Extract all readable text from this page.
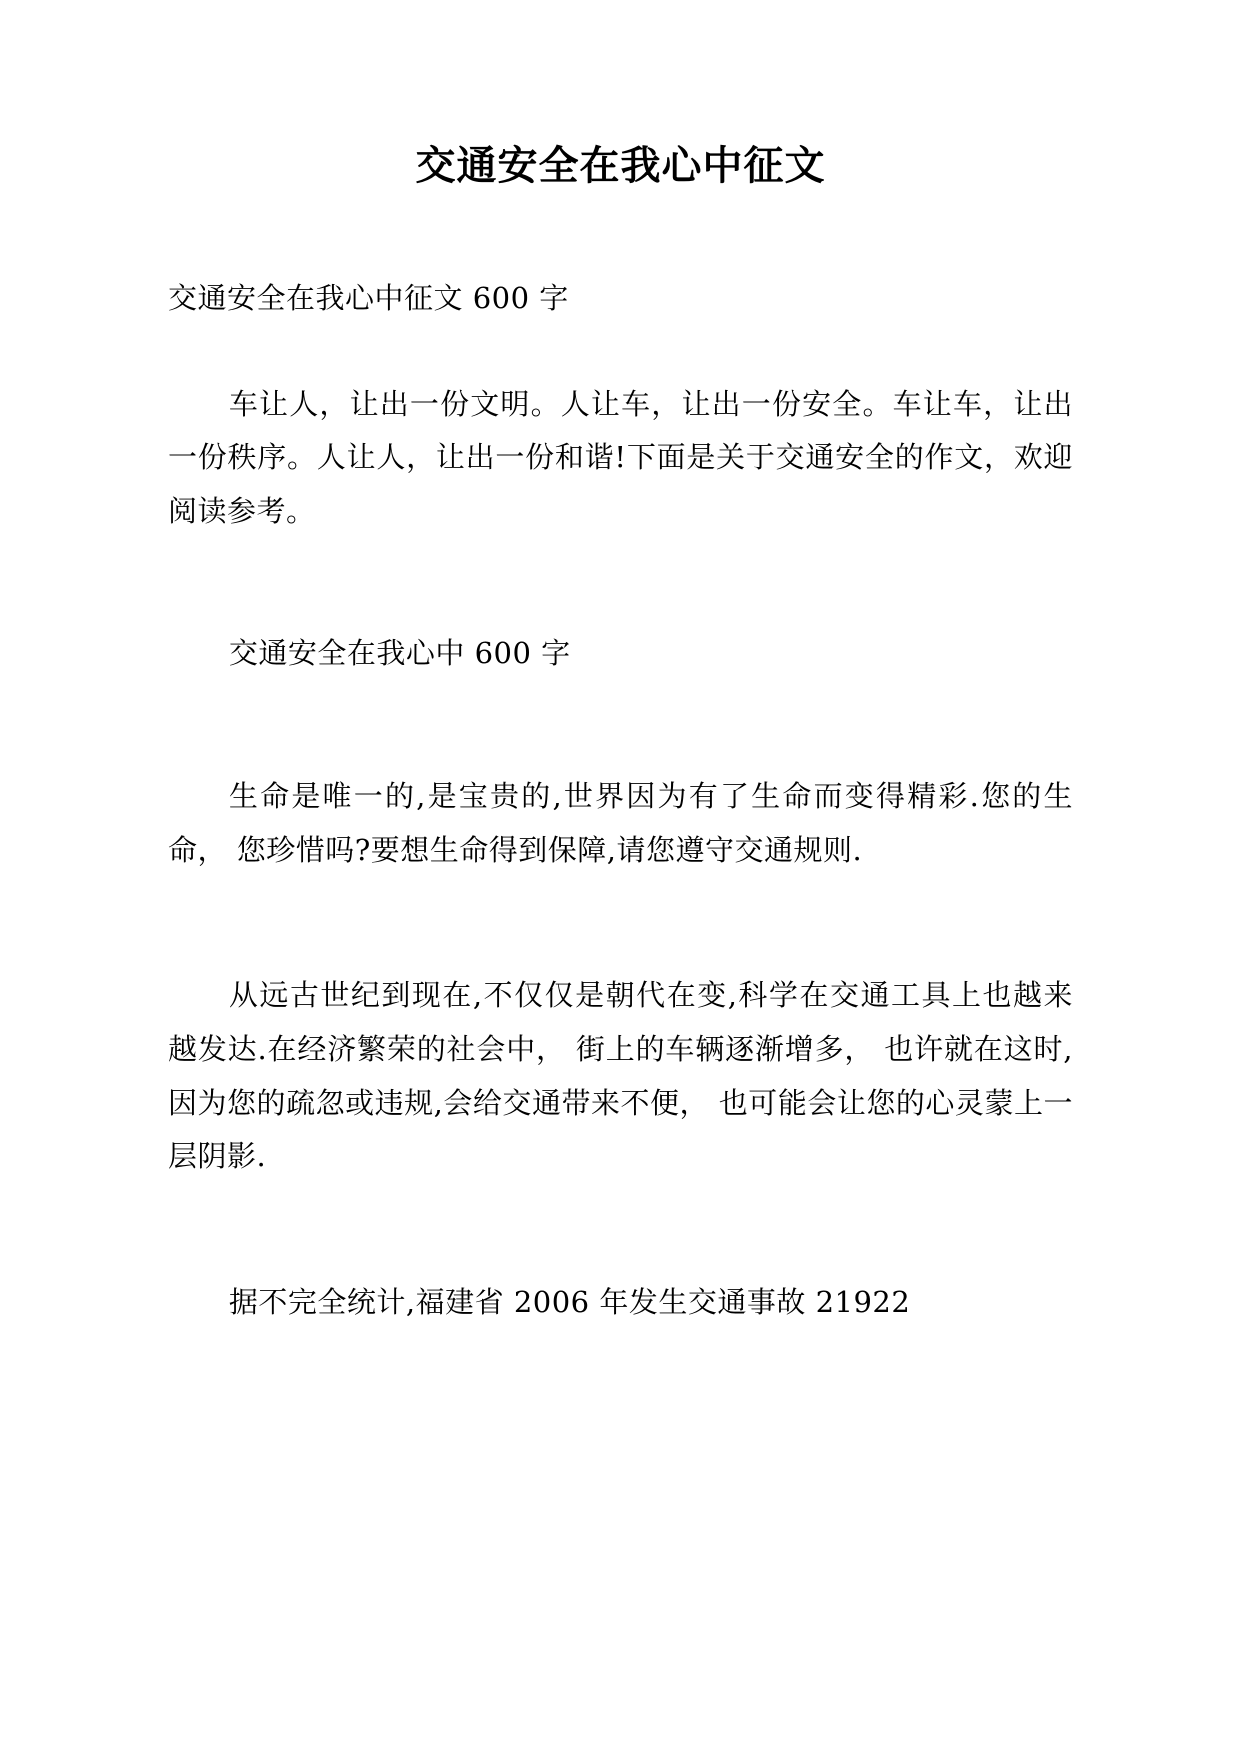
交通安全在我心中征文

交通安全在我心中征文 600 字

车让人，让出一份文明。人让车，让出一份安全。车让车，让出一份秩序。人让人，让出一份和谐!下面是关于交通安全的作文，欢迎阅读参考。

交通安全在我心中 600 字

生命是唯一的,是宝贵的,世界因为有了生命而变得精彩.您的生命， 您珍惜吗?要想生命得到保障,请您遵守交通规则.

从远古世纪到现在,不仅仅是朝代在变,科学在交通工具上也越来越发达.在经济繁荣的社会中， 街上的车辆逐渐增多， 也许就在这时,因为您的疏忽或违规,会给交通带来不便， 也可能会让您的心灵蒙上一层阴影.

据不完全统计,福建省 2006 年发生交通事故 21922
